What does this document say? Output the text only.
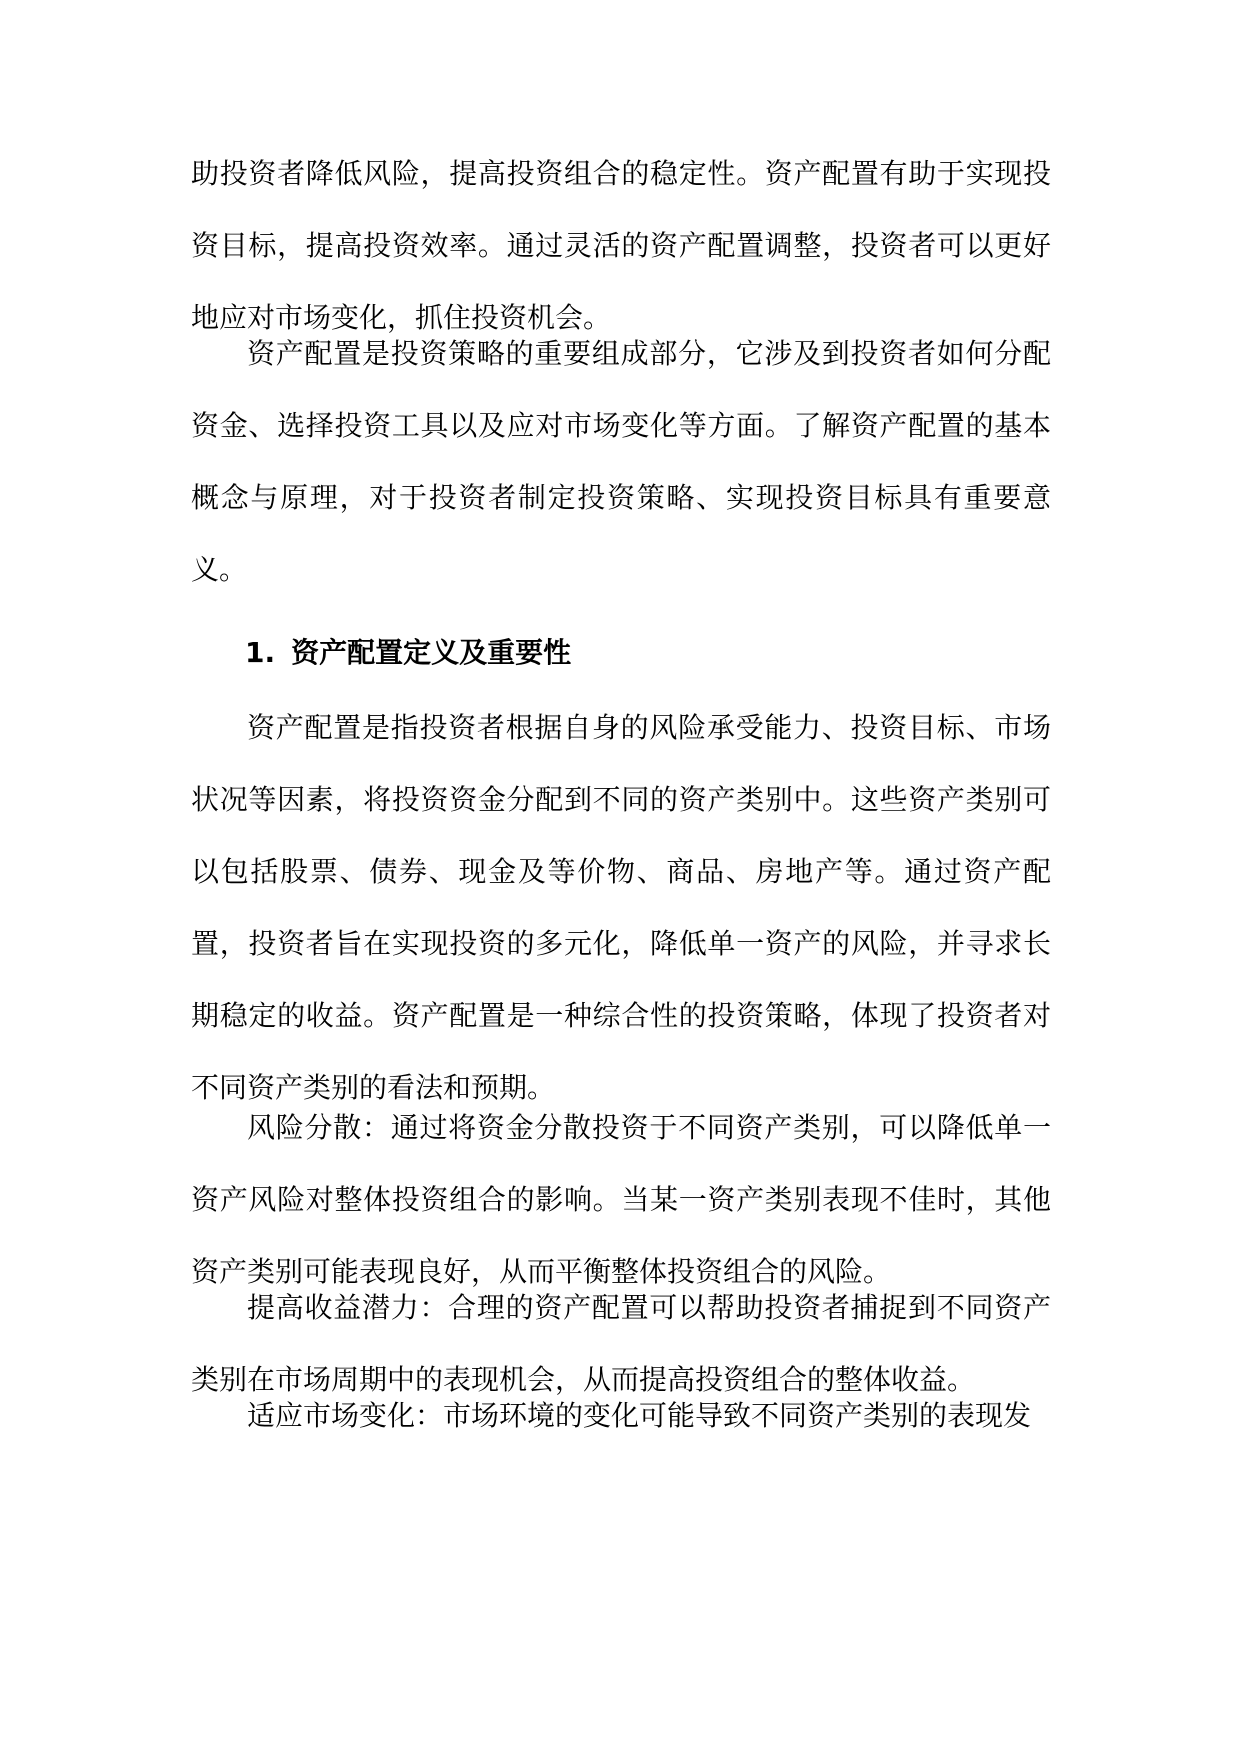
助投资者降低风险，提高投资组合的稳定性。资产配置有助于实现投资目标，提高投资效率。通过灵活的资产配置调整，投资者可以更好地应对市场变化，抓住投资机会。

资产配置是投资策略的重要组成部分，它涉及到投资者如何分配资金、选择投资工具以及应对市场变化等方面。了解资产配置的基本概念与原理，对于投资者制定投资策略、实现投资目标具有重要意义。

1. 资产配置定义及重要性

资产配置是指投资者根据自身的风险承受能力、投资目标、市场状况等因素，将投资资金分配到不同的资产类别中。这些资产类别可以包括股票、债券、现金及等价物、商品、房地产等。通过资产配置，投资者旨在实现投资的多元化，降低单一资产的风险，并寻求长期稳定的收益。资产配置是一种综合性的投资策略，体现了投资者对不同资产类别的看法和预期。

风险分散：通过将资金分散投资于不同资产类别，可以降低单一资产风险对整体投资组合的影响。当某一资产类别表现不佳时，其他资产类别可能表现良好，从而平衡整体投资组合的风险。

提高收益潜力：合理的资产配置可以帮助投资者捕捉到不同资产类别在市场周期中的表现机会，从而提高投资组合的整体收益。

适应市场变化：市场环境的变化可能导致不同资产类别的表现发
